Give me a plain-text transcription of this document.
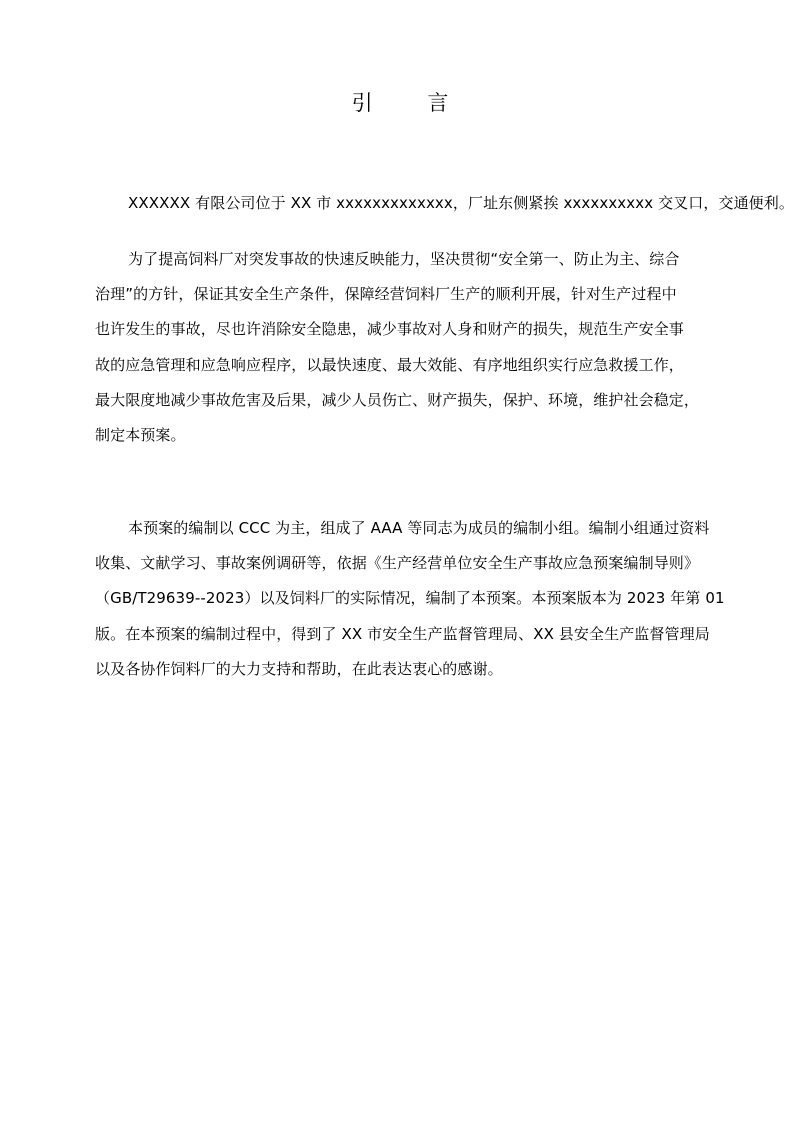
引 言
XXXXXX 有限公司位于 XX 市 xxxxxxxxxxxxx，厂址东侧紧挨 xxxxxxxxxx 交叉口，交通便利。
为了提高饲料厂对突发事故的快速反映能力，坚决贯彻“安全第一、防止为主、综合
治理”的方针，保证其安全生产条件，保障经营饲料厂生产的顺利开展，针对生产过程中
也许发生的事故，尽也许消除安全隐患，减少事故对人身和财产的损失，规范生产安全事
故的应急管理和应急响应程序，以最快速度、最大效能、有序地组织实行应急救援工作，
最大限度地减少事故危害及后果，减少人员伤亡、财产损失，保护、环境，维护社会稳定，
制定本预案。
本预案的编制以 CCC 为主，组成了 AAA 等同志为成员的编制小组。编制小组通过资料
收集、文献学习、事故案例调研等，依据《生产经营单位安全生产事故应急预案编制导则》
（GB/T29639--2023）以及饲料厂的实际情况，编制了本预案。本预案版本为 2023 年第 01
版。在本预案的编制过程中，得到了 XX 市安全生产监督管理局、XX 县安全生产监督管理局
以及各协作饲料厂的大力支持和帮助，在此表达衷心的感谢。
